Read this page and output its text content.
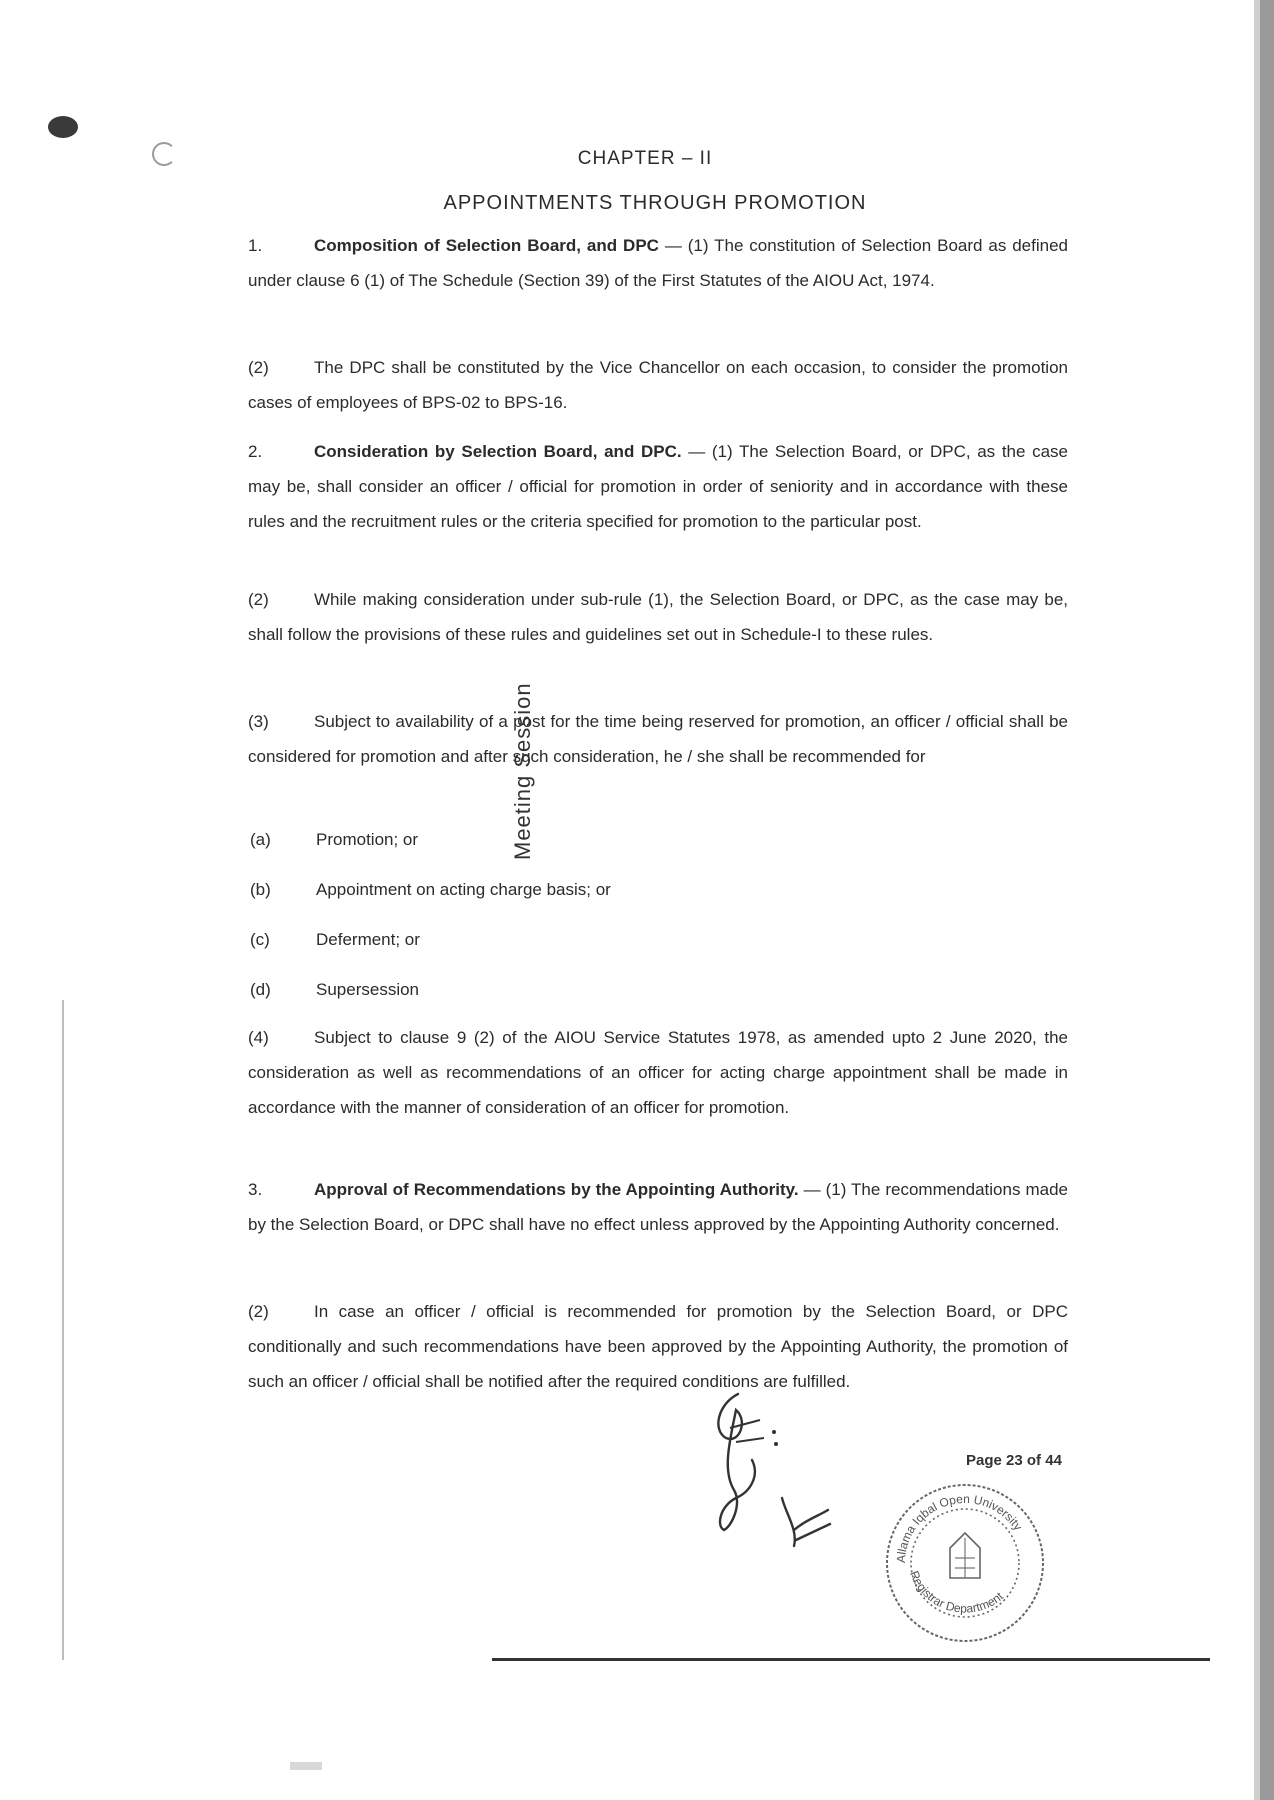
CHAPTER – II
APPOINTMENTS THROUGH PROMOTION
1.	Composition of Selection Board, and DPC — (1) The constitution of Selection Board as defined under clause 6 (1) of The Schedule (Section 39) of the First Statutes of the AIOU Act, 1974.
(2)	The DPC shall be constituted by the Vice Chancellor on each occasion, to consider the promotion cases of employees of BPS-02 to BPS-16.
2.	Consideration by Selection Board, and DPC. — (1) The Selection Board, or DPC, as the case may be, shall consider an officer / official for promotion in order of seniority and in accordance with these rules and the recruitment rules or the criteria specified for promotion to the particular post.
(2)	While making consideration under sub-rule (1), the Selection Board, or DPC, as the case may be, shall follow the provisions of these rules and guidelines set out in Schedule-I to these rules.
(3)	Subject to availability of a post for the time being reserved for promotion, an officer / official shall be considered for promotion and after such consideration, he / she shall be recommended for
(a)	Promotion; or
(b)	Appointment on acting charge basis; or
(c)	Deferment; or
(d)	Supersession
(4)	Subject to clause 9 (2) of the AIOU Service Statutes 1978, as amended upto 2 June 2020, the consideration as well as recommendations of an officer for acting charge appointment shall be made in accordance with the manner of consideration of an officer for promotion.
3.	Approval of Recommendations by the Appointing Authority. — (1) The recommendations made by the Selection Board, or DPC shall have no effect unless approved by the Appointing Authority concerned.
(2)	In case an officer / official is recommended for promotion by the Selection Board, or DPC conditionally and such recommendations have been approved by the Appointing Authority, the promotion of such an officer / official shall be notified after the required conditions are fulfilled.
Meeting Session
Page 23 of 44
Allama Iqbal Open University
Registrar Department
